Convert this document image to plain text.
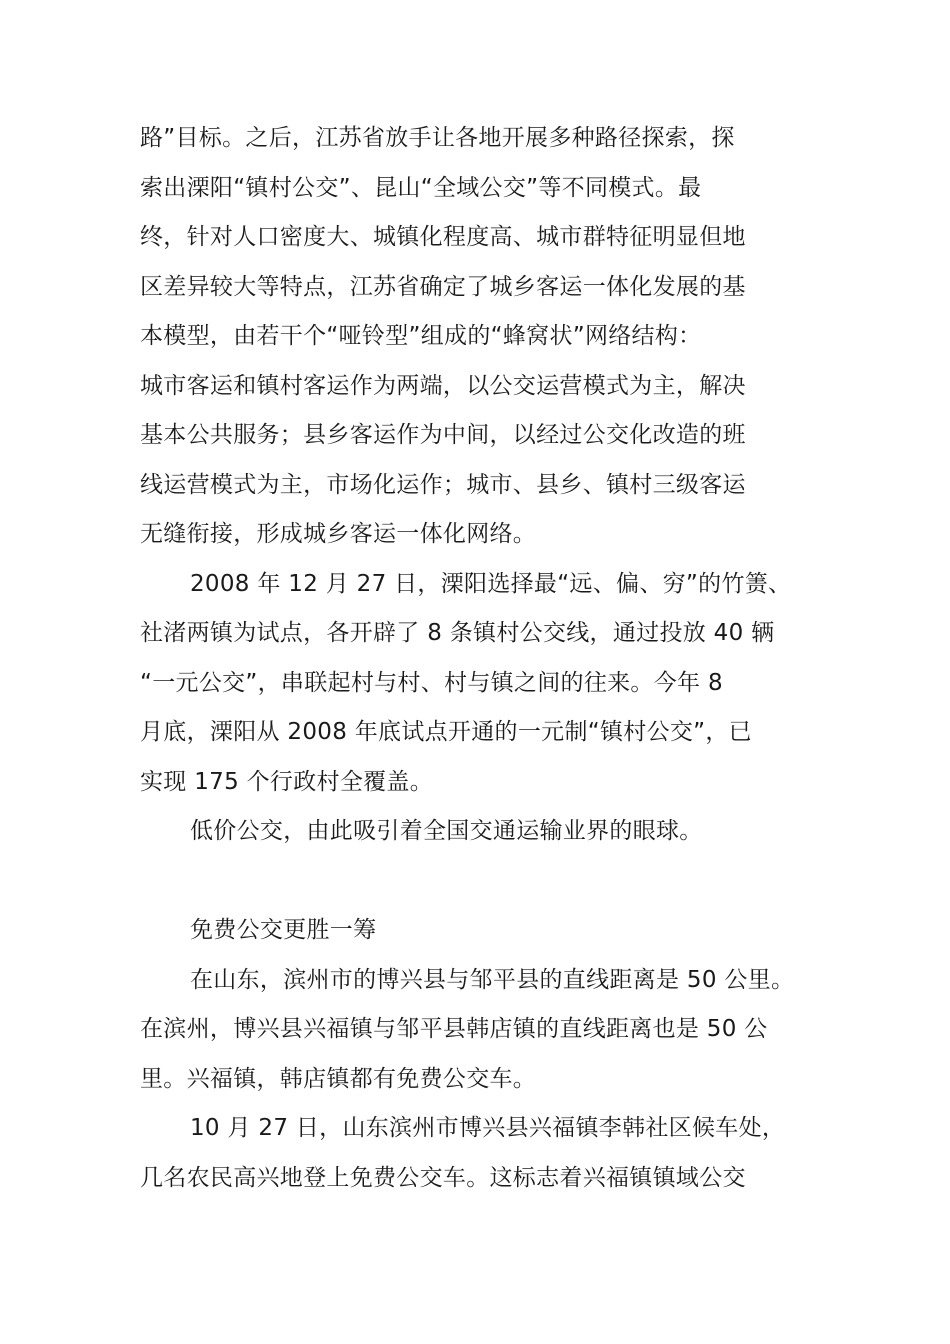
路”目标。之后，江苏省放手让各地开展多种路径探索，探
索出溧阳“镇村公交”、昆山“全域公交”等不同模式。最
终，针对人口密度大、城镇化程度高、城市群特征明显但地
区差异较大等特点，江苏省确定了城乡客运一体化发展的基
本模型，由若干个“哑铃型”组成的“蜂窝状”网络结构：
城市客运和镇村客运作为两端，以公交运营模式为主，解决
基本公共服务；县乡客运作为中间，以经过公交化改造的班
线运营模式为主，市场化运作；城市、县乡、镇村三级客运
无缝衔接，形成城乡客运一体化网络。
2008 年 12 月 27 日，溧阳选择最“远、偏、穷”的竹箦、
社渚两镇为试点，各开辟了 8 条镇村公交线，通过投放 40 辆
“一元公交”，串联起村与村、村与镇之间的往来。今年 8
月底，溧阳从 2008 年底试点开通的一元制“镇村公交”，已
实现 175 个行政村全覆盖。
低价公交，由此吸引着全国交通运输业界的眼球。
免费公交更胜一筹
在山东，滨州市的博兴县与邹平县的直线距离是 50 公里。
在滨州，博兴县兴福镇与邹平县韩店镇的直线距离也是 50 公
里。兴福镇，韩店镇都有免费公交车。
10 月 27 日，山东滨州市博兴县兴福镇李韩社区候车处，
几名农民高兴地登上免费公交车。这标志着兴福镇镇域公交
